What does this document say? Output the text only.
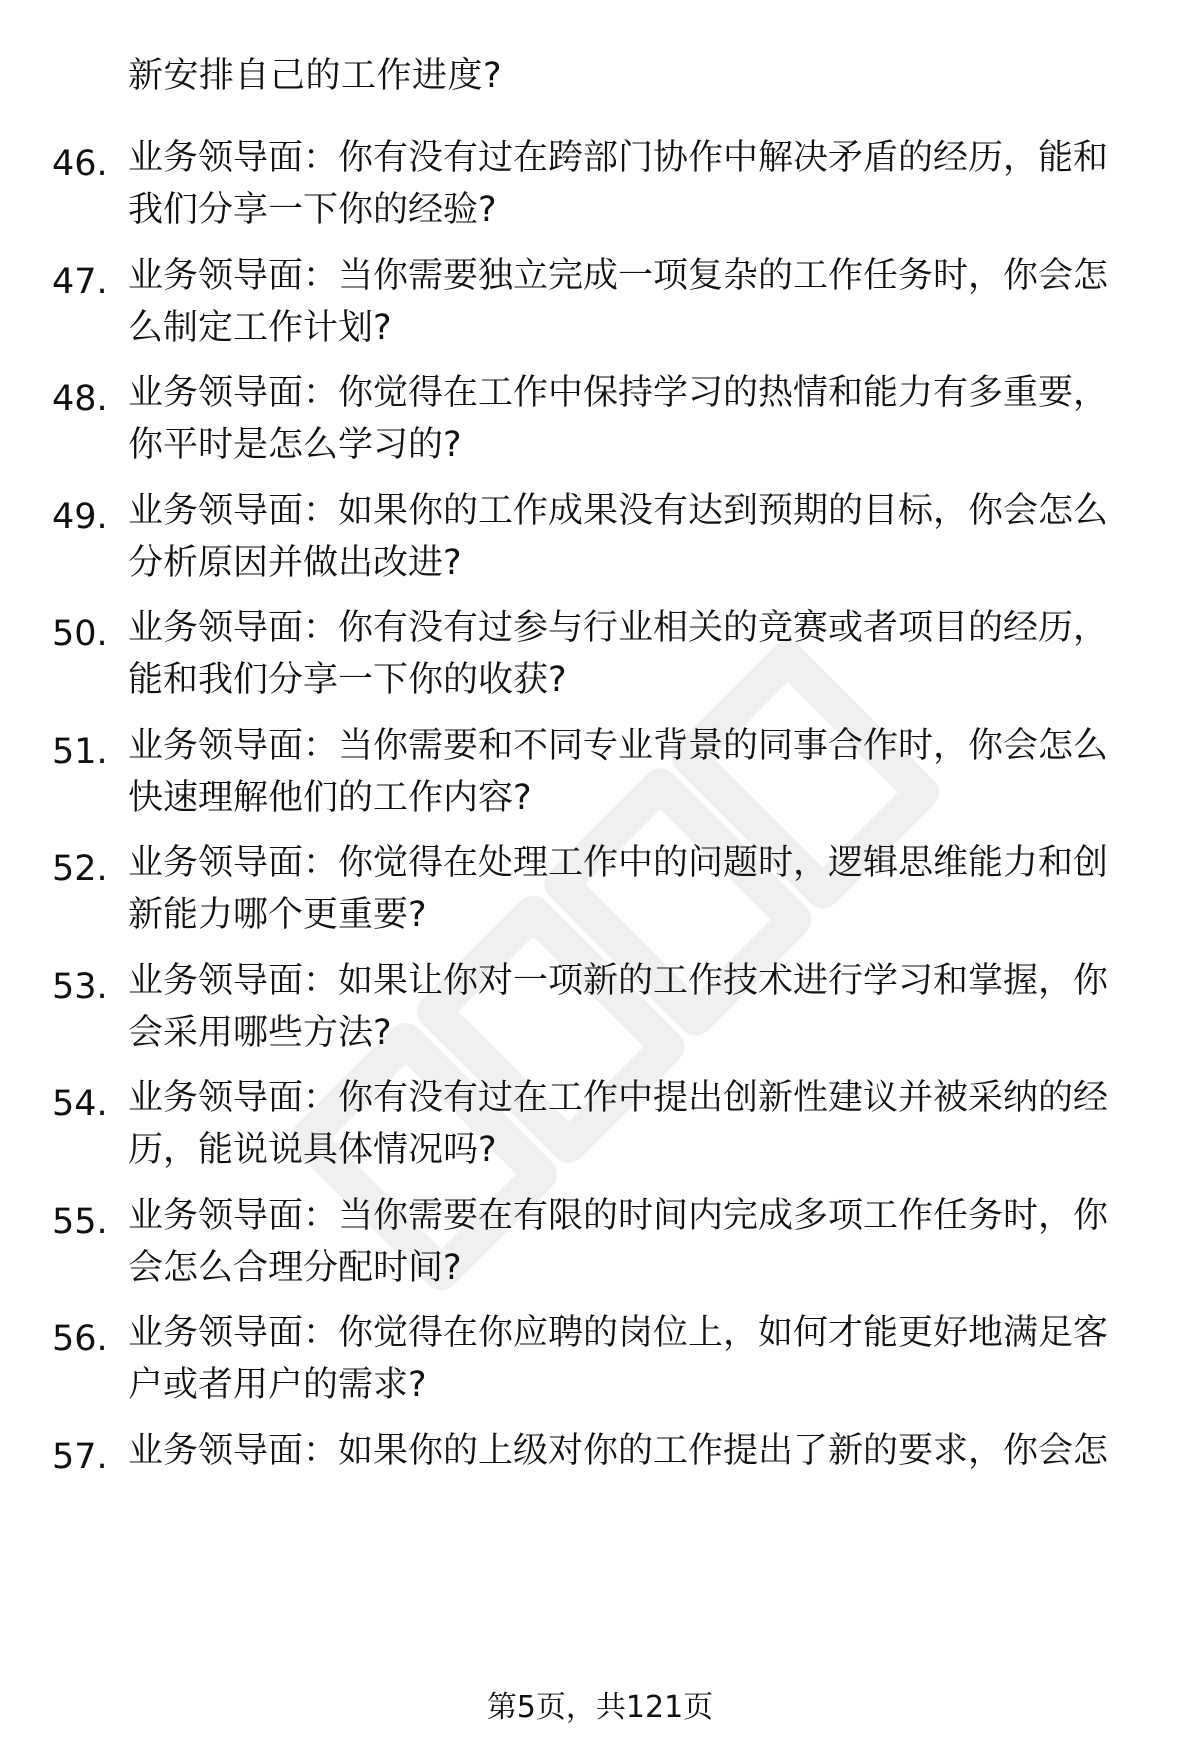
新安排自己的工作进度?
46. 业务领导面：你有没有过在跨部门协作中解决矛盾的经历，能和我们分享一下你的经验?
47. 业务领导面：当你需要独立完成一项复杂的工作任务时，你会怎么制定工作计划?
48. 业务领导面：你觉得在工作中保持学习的热情和能力有多重要，你平时是怎么学习的?
49. 业务领导面：如果你的工作成果没有达到预期的目标，你会怎么分析原因并做出改进?
50. 业务领导面：你有没有过参与行业相关的竞赛或者项目的经历，能和我们分享一下你的收获?
51. 业务领导面：当你需要和不同专业背景的同事合作时，你会怎么快速理解他们的工作内容?
52. 业务领导面：你觉得在处理工作中的问题时，逻辑思维能力和创新能力哪个更重要?
53. 业务领导面：如果让你对一项新的工作技术进行学习和掌握，你会采用哪些方法?
54. 业务领导面：你有没有过在工作中提出创新性建议并被采纳的经历，能说说具体情况吗?
55. 业务领导面：当你需要在有限的时间内完成多项工作任务时，你会怎么合理分配时间?
56. 业务领导面：你觉得在你应聘的岗位上，如何才能更好地满足客户或者用户的需求?
57. 业务领导面：如果你的上级对你的工作提出了新的要求，你会怎
第5页，共121页
